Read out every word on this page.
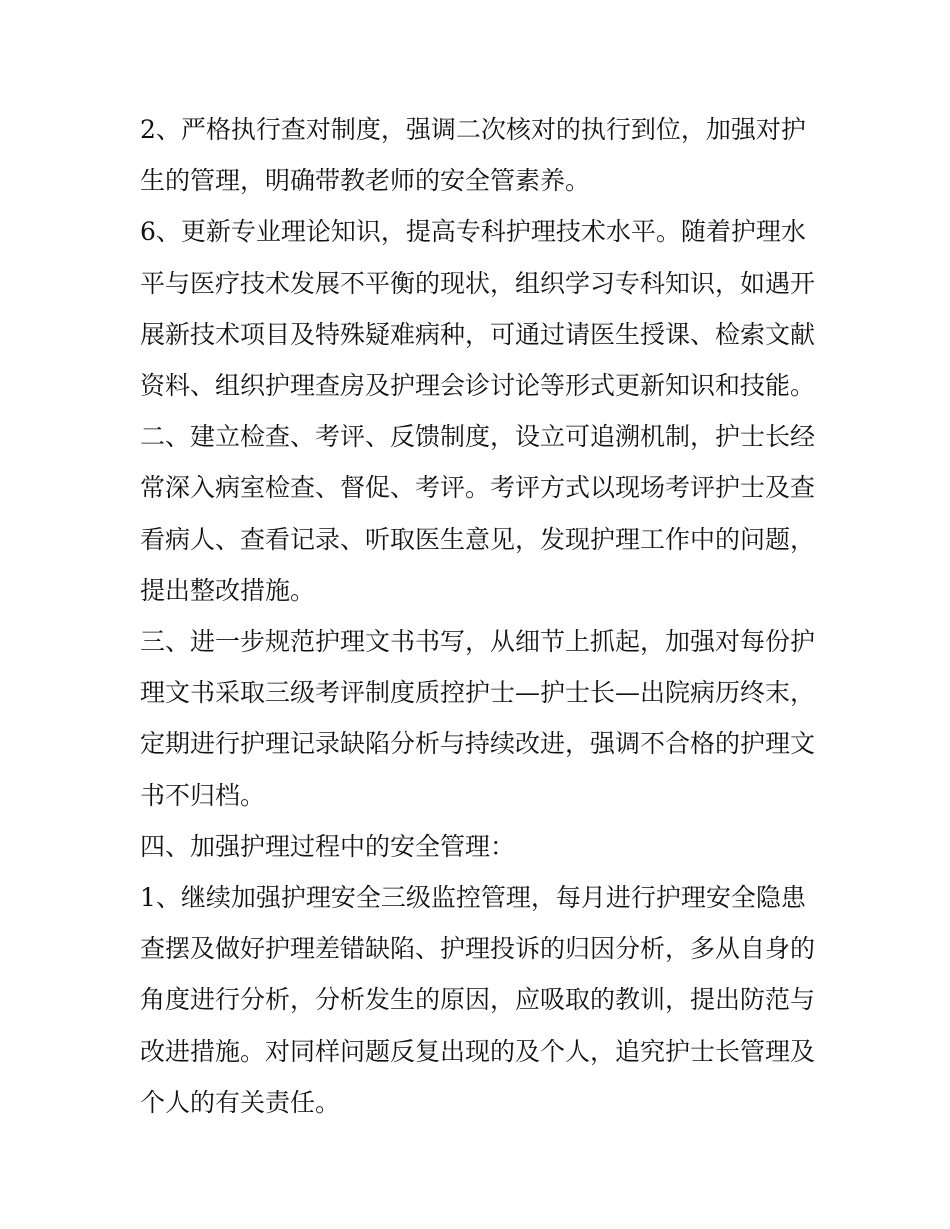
2、严格执行查对制度，强调二次核对的执行到位，加强对护生的管理，明确带教老师的安全管素养。

6、更新专业理论知识，提高专科护理技术水平。随着护理水平与医疗技术发展不平衡的现状，组织学习专科知识，如遇开展新技术项目及特殊疑难病种，可通过请医生授课、检索文献资料、组织护理查房及护理会诊讨论等形式更新知识和技能。

二、建立检查、考评、反馈制度，设立可追溯机制，护士长经常深入病室检查、督促、考评。考评方式以现场考评护士及查看病人、查看记录、听取医生意见，发现护理工作中的问题，提出整改措施。

三、进一步规范护理文书书写，从细节上抓起，加强对每份护理文书采取三级考评制度质控护士—护士长—出院病历终末，定期进行护理记录缺陷分析与持续改进，强调不合格的护理文书不归档。

四、加强护理过程中的安全管理：

1、继续加强护理安全三级监控管理，每月进行护理安全隐患查摆及做好护理差错缺陷、护理投诉的归因分析，多从自身的角度进行分析，分析发生的原因，应吸取的教训，提出防范与改进措施。对同样问题反复出现的及个人，追究护士长管理及个人的有关责任。
